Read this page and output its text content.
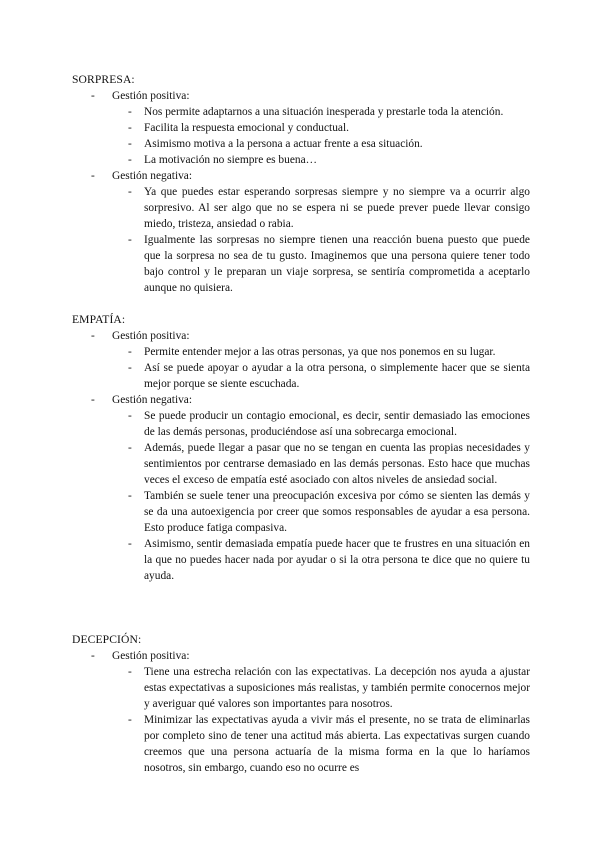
SORPRESA:
- Gestión positiva:
- Nos permite adaptarnos a una situación inesperada y prestarle toda la atención.
- Facilita la respuesta emocional y conductual.
- Asimismo motiva a la persona a actuar frente a esa situación.
- La motivación no siempre es buena…
- Gestión negativa:
- Ya que puedes estar esperando sorpresas siempre y no siempre va a ocurrir algo sorpresivo. Al ser algo que no se espera ni se puede prever puede llevar consigo miedo, tristeza, ansiedad o rabia.
- Igualmente las sorpresas no siempre tienen una reacción buena puesto que puede que la sorpresa no sea de tu gusto. Imaginemos que una persona quiere tener todo bajo control y le preparan un viaje sorpresa, se sentiría comprometida a aceptarlo aunque no quisiera.
EMPATÍA:
- Gestión positiva:
- Permite entender mejor a las otras personas, ya que nos ponemos en su lugar.
- Así se puede apoyar o ayudar a la otra persona, o simplemente hacer que se sienta mejor porque se siente escuchada.
- Gestión negativa:
- Se puede producir un contagio emocional, es decir, sentir demasiado las emociones de las demás personas, produciéndose así una sobrecarga emocional.
- Además, puede llegar a pasar que no se tengan en cuenta las propias necesidades y sentimientos por centrarse demasiado en las demás personas. Esto hace que muchas veces el exceso de empatía esté asociado con altos niveles de ansiedad social.
- También se suele tener una preocupación excesiva por cómo se sienten las demás y se da una autoexigencia por creer que somos responsables de ayudar a esa persona. Esto produce fatiga compasiva.
- Asimismo, sentir demasiada empatía puede hacer que te frustres en una situación en la que no puedes hacer nada por ayudar o si la otra persona te dice que no quiere tu ayuda.
DECEPCIÓN:
- Gestión positiva:
- Tiene una estrecha relación con las expectativas. La decepción nos ayuda a ajustar estas expectativas a suposiciones más realistas, y también permite conocernos mejor y averiguar qué valores son importantes para nosotros.
- Minimizar las expectativas ayuda a vivir más el presente, no se trata de eliminarlas por completo sino de tener una actitud más abierta. Las expectativas surgen cuando creemos que una persona actuaría de la misma forma en la que lo haríamos nosotros, sin embargo, cuando eso no ocurre es
